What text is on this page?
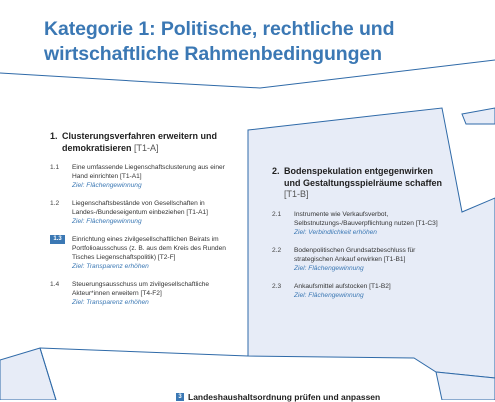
Kategorie 1: Politische, rechtliche und wirtschaftliche Rahmenbedingungen
1. Clusterungsverfahren erweitern und demokratisieren [T1-A]
1.1	Eine umfassende Liegenschaftsclusterung aus einer Hand einrichten [T1-A1]
Ziel: Flächengewinnung
1.2	Liegenschaftsbestände von Gesellschaften in Landes-/Bundeseigentum einbeziehen [T1-A1]
Ziel: Flächengewinnung
1.3	Einrichtung eines zivilgesellschaftlichen Beirats im Portfolioausschuss (z. B. aus dem Kreis des Runden Tisches Liegenschaftspolitik) [T2-F]
Ziel: Transparenz erhöhen
1.4	Steuerungsausschuss um zivilgesellschaftliche Akteur*innen erweitern [T4-F2]
Ziel: Transparenz erhöhen
2. Bodenspekulation entgegenwirken und Gestaltungsspielräume schaffen [T1-B]
2.1	Instrumente wie Verkaufsverbot, Selbstnutzungs-/Bauverpflichtung nutzen [T1-C3]
Ziel: Verbindlichkeit erhöhen
2.2	Bodenpolitischen Grundsatzbeschluss für strategischen Ankauf erwirken [T1-B1]
Ziel: Flächengewinnung
2.3	Ankaufsmittel aufstocken [T1-B2]
Ziel: Flächengewinnung
3 Landeshaushaltsordnung prüfen und anpassen
